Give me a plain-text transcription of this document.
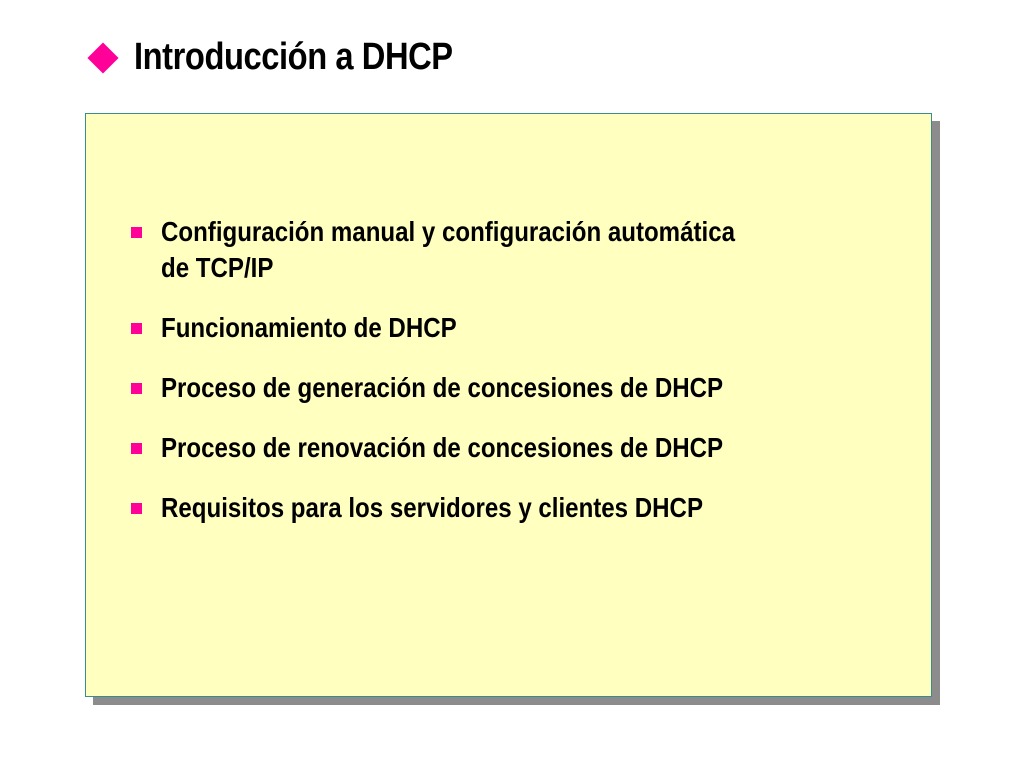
Introducción a DHCP
Configuración manual y configuración automática
de TCP/IP
Funcionamiento de DHCP
Proceso de generación de concesiones de DHCP
Proceso de renovación de concesiones de DHCP
Requisitos para los servidores y clientes DHCP
